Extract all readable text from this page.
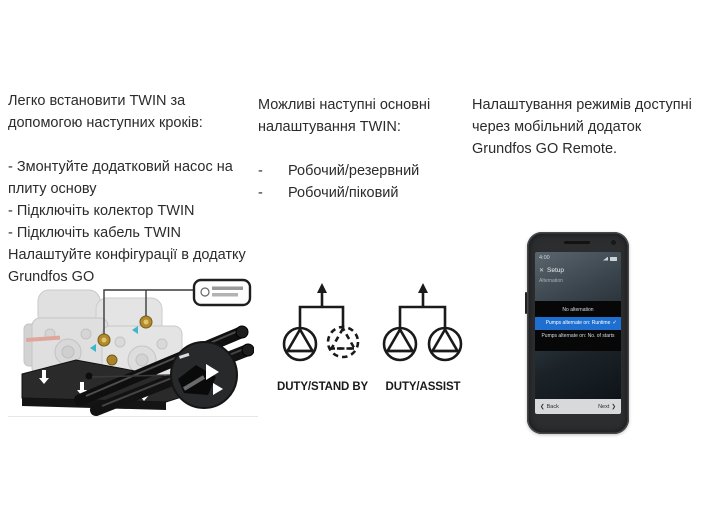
Легко встановити TWIN за допомогою наступних кроків:
- Змонтуйте додатковий насос на плиту основу
- Підключіть колектор TWIN
- Підключіть кабель TWIN
Налаштуйте конфігурації в додатку Grundfos GO
Можливі наступні основні налаштування TWIN:
-	Робочий/резервний
-	Робочий/піковий
Налаштування режимів доступні через мобільний додаток Grundfos GO Remote.
DUTY/STAND BY	DUTY/ASSIST
4:00
✕ Setup
Alternation
No alternation
Pumps alternate on: Runtime ✓
Pumps alternate on: No. of starts
❮ Back	Next ❯
